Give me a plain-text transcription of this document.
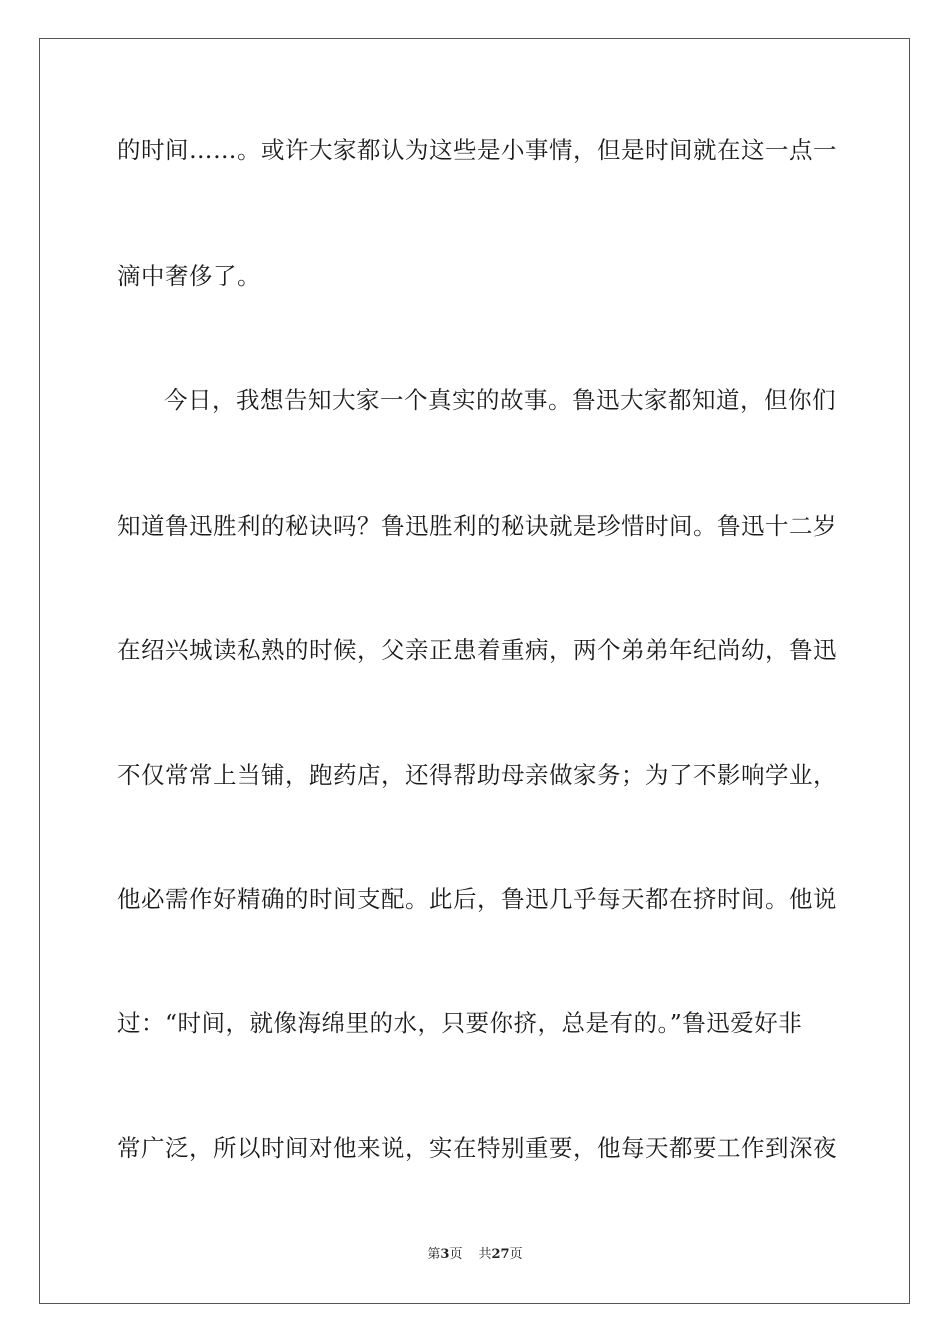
的时间……。或许大家都认为这些是小事情，但是时间就在这一点一
滴中奢侈了。
今日，我想告知大家一个真实的故事。鲁迅大家都知道，但你们
知道鲁迅胜利的秘诀吗？鲁迅胜利的秘诀就是珍惜时间。鲁迅十二岁
在绍兴城读私熟的时候，父亲正患着重病，两个弟弟年纪尚幼，鲁迅
不仅常常上当铺，跑药店，还得帮助母亲做家务；为了不影响学业，
他必需作好精确的时间支配。此后，鲁迅几乎每天都在挤时间。他说
过：“时间，就像海绵里的水，只要你挤，总是有的。”鲁迅爱好非
常广泛，所以时间对他来说，实在特别重要，他每天都要工作到深夜
第3页 共27页
